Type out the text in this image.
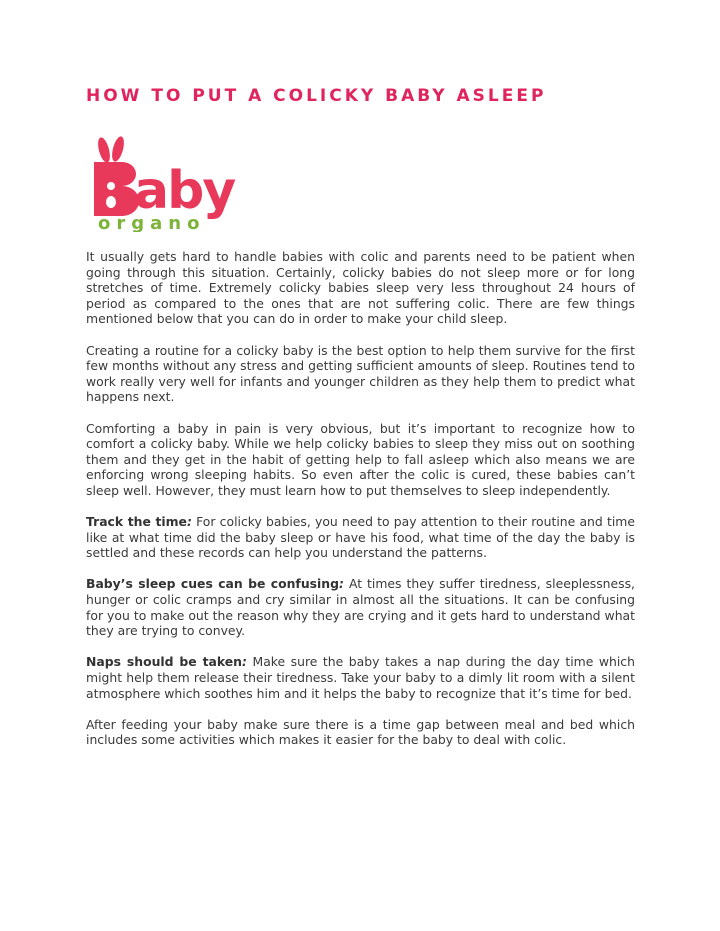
HOW TO PUT A COLICKY BABY ASLEEP
aby
organo

It usually gets hard to handle babies with colic and parents need to be patient when going through this situation. Certainly, colicky babies do not sleep more or for long stretches of time. Extremely colicky babies sleep very less throughout 24 hours of period as compared to the ones that are not suffering colic. There are few things mentioned below that you can do in order to make your child sleep.

Creating a routine for a colicky baby is the best option to help them survive for the first few months without any stress and getting sufficient amounts of sleep. Routines tend to work really very well for infants and younger children as they help them to predict what happens next.

Comforting a baby in pain is very obvious, but it’s important to recognize how to comfort a colicky baby. While we help colicky babies to sleep they miss out on soothing them and they get in the habit of getting help to fall asleep which also means we are enforcing wrong sleeping habits. So even after the colic is cured, these babies can’t sleep well. However, they must learn how to put themselves to sleep independently.

Track the time: For colicky babies, you need to pay attention to their routine and time like at what time did the baby sleep or have his food, what time of the day the baby is settled and these records can help you understand the patterns.

Baby’s sleep cues can be confusing: At times they suffer tiredness, sleeplessness, hunger or colic cramps and cry similar in almost all the situations. It can be confusing for you to make out the reason why they are crying and it gets hard to understand what they are trying to convey.

Naps should be taken: Make sure the baby takes a nap during the day time which might help them release their tiredness. Take your baby to a dimly lit room with a silent atmosphere which soothes him and it helps the baby to recognize that it’s time for bed.

After feeding your baby make sure there is a time gap between meal and bed which includes some activities which makes it easier for the baby to deal with colic.
